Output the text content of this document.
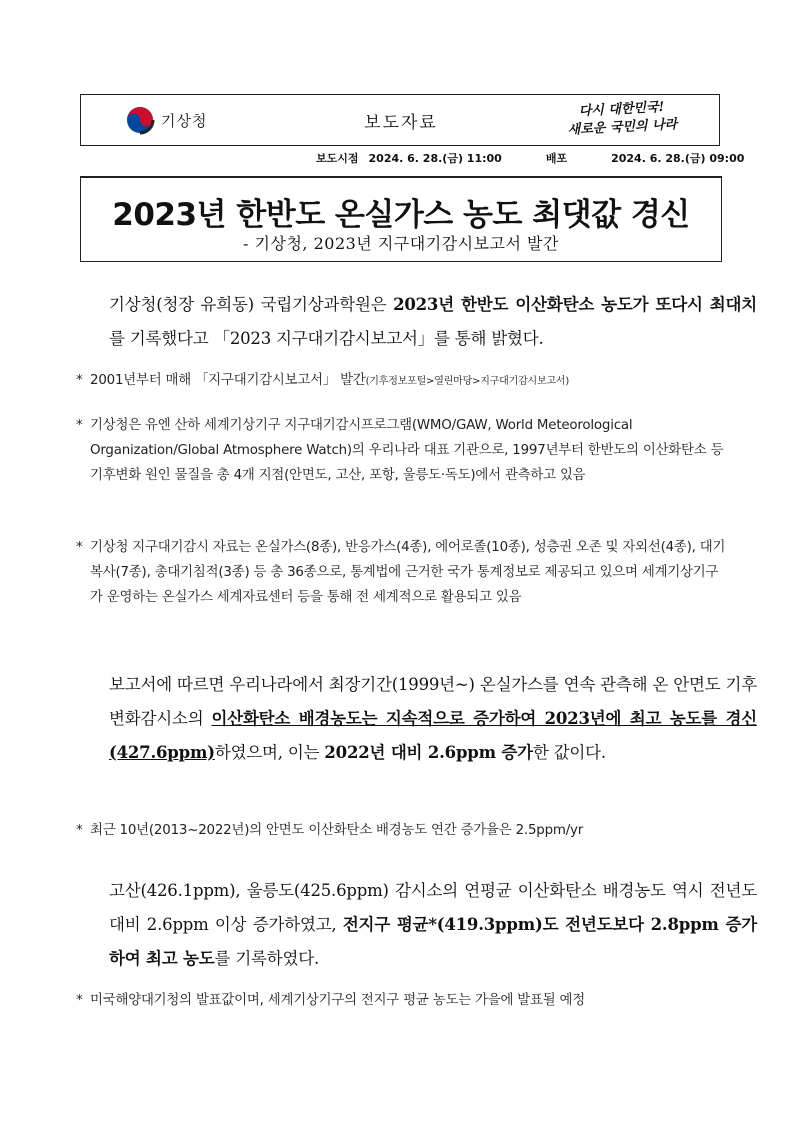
기상청	보도자료
다시 대한민국!
새로운 국민의 나라
보도시점 2024. 6. 28.(금) 11:00	배포	2024. 6. 28.(금) 09:00
2023년 한반도 온실가스 농도 최댓값 경신
- 기상청, 2023년 지구대기감시보고서 발간
기상청(청장 유희동) 국립기상과학원은 2023년 한반도 이산화탄소 농도가 또다시 최대치를 기록했다고 「2023 지구대기감시보고서」를 통해 밝혔다.
* 2001년부터 매해 「지구대기감시보고서」 발간(기후정보포털>열린마당>지구대기감시보고서)
* 기상청은 유엔 산하 세계기상기구 지구대기감시프로그램(WMO/GAW, World Meteorological Organization/Global Atmosphere Watch)의 우리나라 대표 기관으로, 1997년부터 한반도의 이산화탄소 등 기후변화 원인 물질을 총 4개 지점(안면도, 고산, 포항, 울릉도·독도)에서 관측하고 있음
* 기상청 지구대기감시 자료는 온실가스(8종), 반응가스(4종), 에어로졸(10종), 성층권 오존 및 자외선(4종), 대기복사(7종), 총대기침적(3종) 등 총 36종으로, 통계법에 근거한 국가 통계정보로 제공되고 있으며 세계기상기구가 운영하는 온실가스 세계자료센터 등을 통해 전 세계적으로 활용되고 있음
보고서에 따르면 우리나라에서 최장기간(1999년~) 온실가스를 연속 관측해 온 안면도 기후변화감시소의 이산화탄소 배경농도는 지속적으로 증가하여 2023년에 최고 농도를 경신(427.6ppm)하였으며, 이는 2022년 대비 2.6ppm 증가한 값이다.
* 최근 10년(2013~2022년)의 안면도 이산화탄소 배경농도 연간 증가율은 2.5ppm/yr
고산(426.1ppm), 울릉도(425.6ppm) 감시소의 연평균 이산화탄소 배경농도 역시 전년도 대비 2.6ppm 이상 증가하였고, 전지구 평균*(419.3ppm)도 전년도보다 2.8ppm 증가하여 최고 농도를 기록하였다.
* 미국해양대기청의 발표값이며, 세계기상기구의 전지구 평균 농도는 가을에 발표될 예정
